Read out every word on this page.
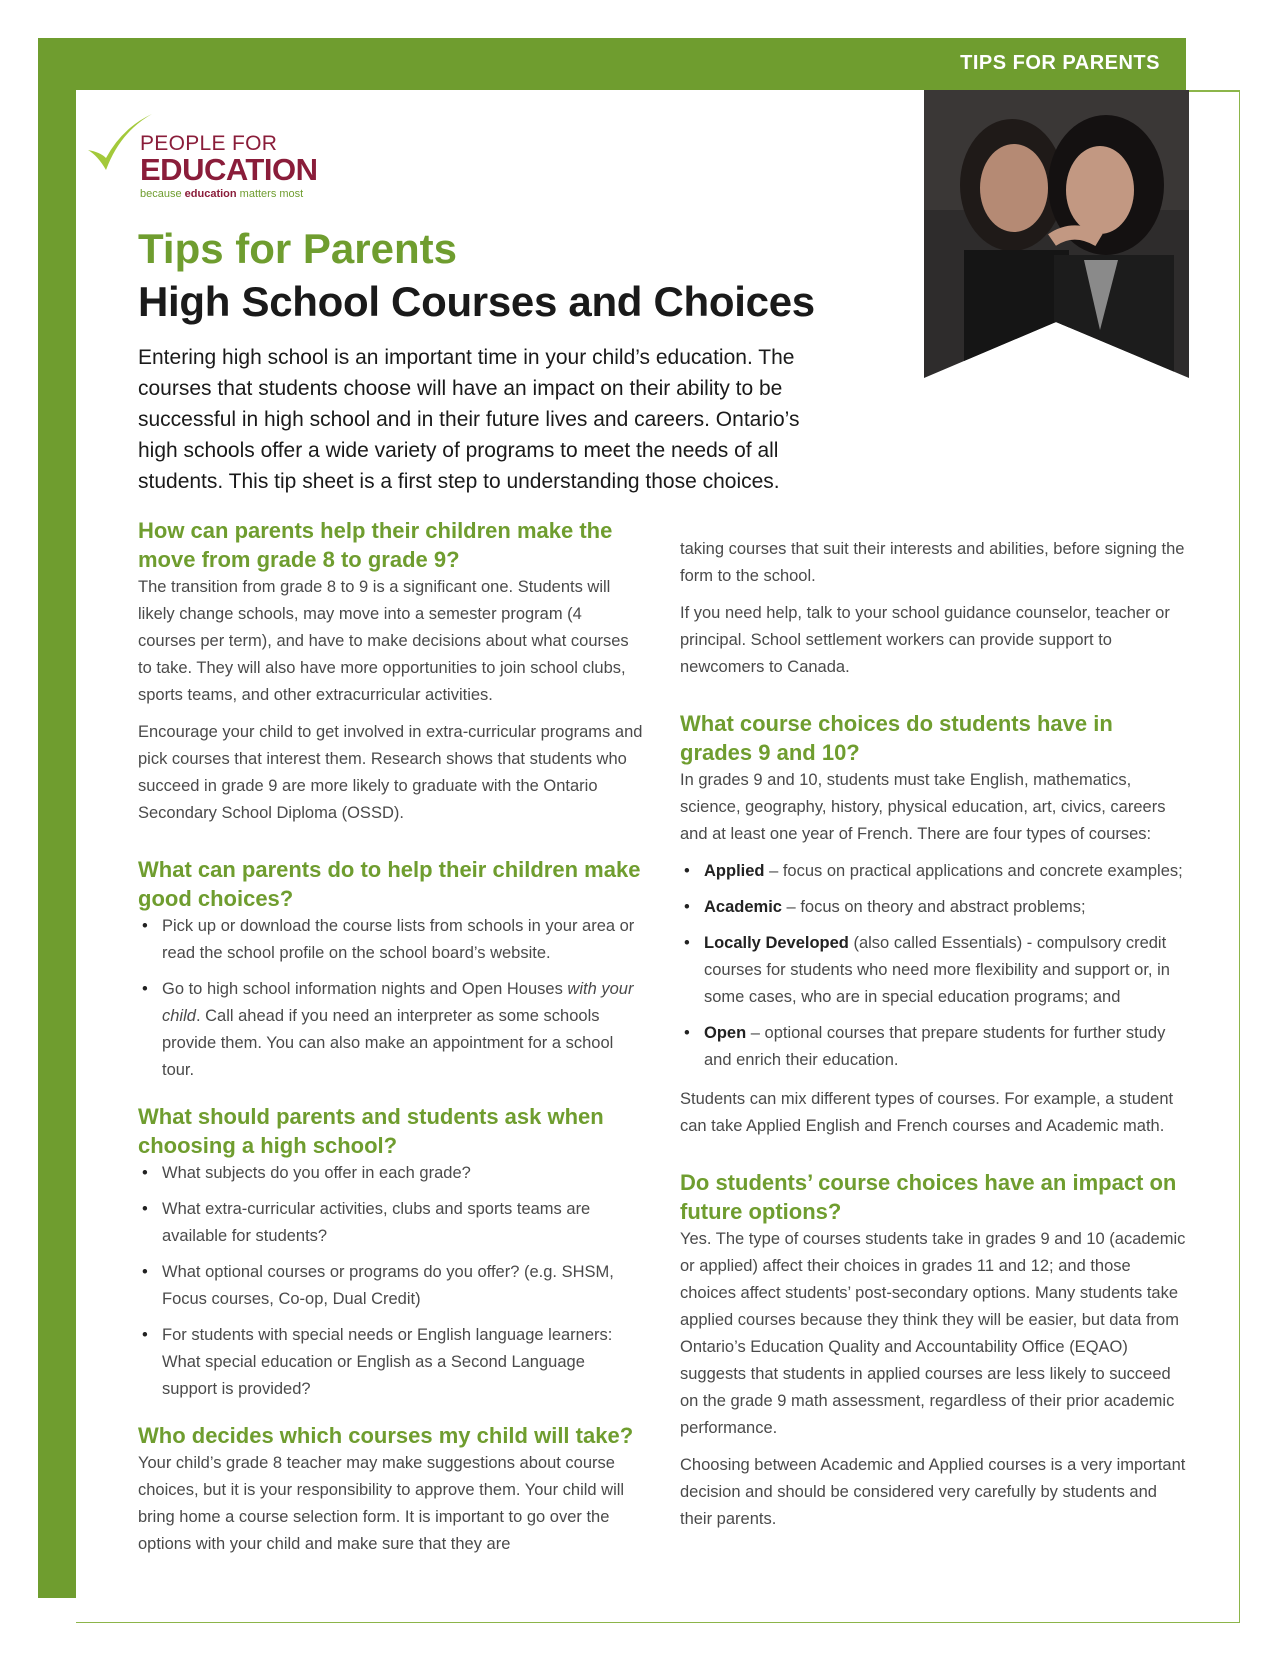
TIPS FOR PARENTS
PEOPLE FOR
EDUCATION
because education matters most
Tips for Parents
High School Courses and Choices
Entering high school is an important time in your child’s education. The courses that students choose will have an impact on their ability to be successful in high school and in their future lives and careers. Ontario’s high schools offer a wide variety of programs to meet the needs of all students. This tip sheet is a first step to understanding those choices.
How can parents help their children make the move from grade 8 to grade 9?

The transition from grade 8 to 9 is a significant one. Students will likely change schools, may move into a semester program (4 courses per term), and have to make decisions about what courses to take. They will also have more opportunities to join school clubs, sports teams, and other extracurricular activities.

Encourage your child to get involved in extra-curricular programs and pick courses that interest them. Research shows that students who succeed in grade 9 are more likely to graduate with the Ontario Secondary School Diploma (OSSD).

What can parents do to help their children make good choices?
• Pick up or download the course lists from schools in your area or read the school profile on the school board’s website.
• Go to high school information nights and Open Houses with your child. Call ahead if you need an interpreter as some schools provide them. You can also make an appointment for a school tour.
What should parents and students ask when choosing a high school?
• What subjects do you offer in each grade?
• What extra-curricular activities, clubs and sports teams are available for students?
• What optional courses or programs do you offer? (e.g. SHSM, Focus courses, Co-op, Dual Credit)
• For students with special needs or English language learners: What special education or English as a Second Language support is provided?
Who decides which courses my child will take?

Your child’s grade 8 teacher may make suggestions about course choices, but it is your responsibility to approve them. Your child will bring home a course selection form. It is important to go over the options with your child and make sure that they are

taking courses that suit their interests and abilities, before signing the form to the school.

If you need help, talk to your school guidance counselor, teacher or principal. School settlement workers can provide support to newcomers to Canada.

What course choices do students have in grades 9 and 10?

In grades 9 and 10, students must take English, mathematics, science, geography, history, physical education, art, civics, careers and at least one year of French. There are four types of courses:

• Applied – focus on practical applications and concrete examples;
• Academic – focus on theory and abstract problems;
• Locally Developed (also called Essentials) - compulsory credit courses for students who need more flexibility and support or, in some cases, who are in special education programs; and
• Open – optional courses that prepare students for further study and enrich their education.

Students can mix different types of courses. For example, a student can take Applied English and French courses and Academic math.

Do students’ course choices have an impact on future options?

Yes. The type of courses students take in grades 9 and 10 (academic or applied) affect their choices in grades 11 and 12; and those choices affect students’ post-secondary options. Many students take applied courses because they think they will be easier, but data from Ontario’s Education Quality and Accountability Office (EQAO) suggests that students in applied courses are less likely to succeed on the grade 9 math assessment, regardless of their prior academic performance.

Choosing between Academic and Applied courses is a very important decision and should be considered very carefully by students and their parents.
